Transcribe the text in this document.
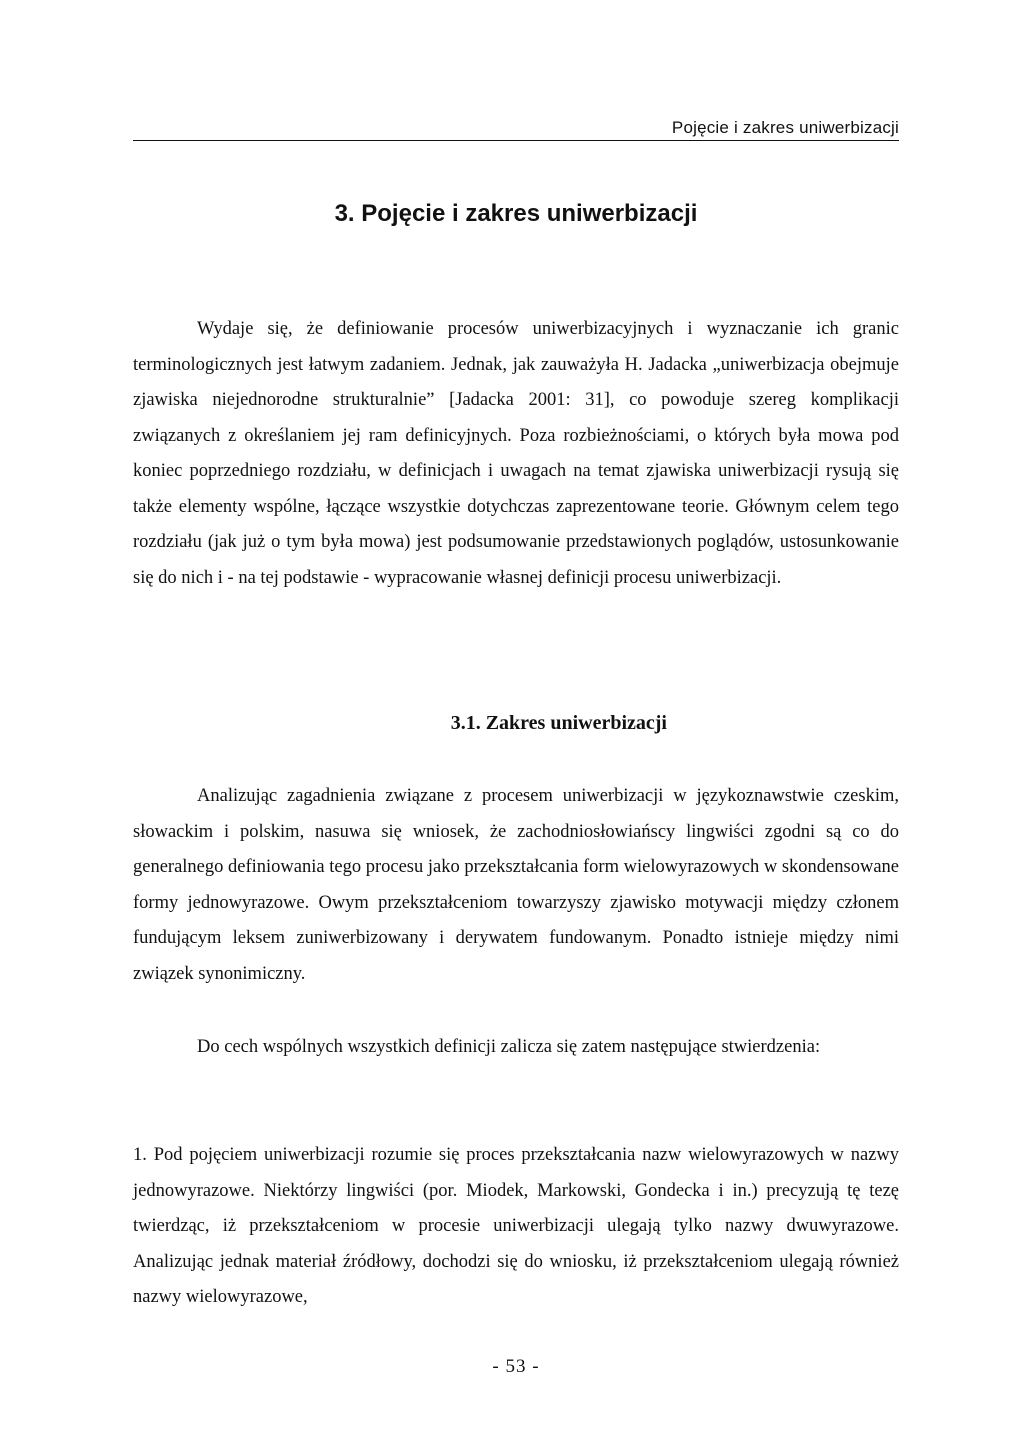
Pojęcie i zakres uniwerbizacji
3. Pojęcie i zakres uniwerbizacji

Wydaje się, że definiowanie procesów uniwerbizacyjnych i wyznaczanie ich granic terminologicznych jest łatwym zadaniem. Jednak, jak zauważyła H. Jadacka „uniwerbizacja obejmuje zjawiska niejednorodne strukturalnie” [Jadacka 2001: 31], co powoduje szereg komplikacji związanych z określaniem jej ram definicyjnych. Poza rozbieżnościami, o których była mowa pod koniec poprzedniego rozdziału, w definicjach i uwagach na temat zjawiska uniwerbizacji rysują się także elementy wspólne, łączące wszystkie dotychczas zaprezentowane teorie. Głównym celem tego rozdziału (jak już o tym była mowa) jest podsumowanie przedstawionych poglądów, ustosunkowanie się do nich i - na tej podstawie - wypracowanie własnej definicji procesu uniwerbizacji.

3.1. Zakres uniwerbizacji

Analizując zagadnienia związane z procesem uniwerbizacji w językoznawstwie czeskim, słowackim i polskim, nasuwa się wniosek, że zachodniosłowiańscy lingwiści zgodni są co do generalnego definiowania tego procesu jako przekształcania form wielowyrazowych w skondensowane formy jednowyrazowe. Owym przekształceniom towarzyszy zjawisko motywacji między członem fundującym leksem zuniwerbizowany i derywatem fundowanym. Ponadto istnieje między nimi związek synonimiczny.

Do cech wspólnych wszystkich definicji zalicza się zatem następujące stwierdzenia:

1. Pod pojęciem uniwerbizacji rozumie się proces przekształcania nazw wielowyrazowych w nazwy jednowyrazowe. Niektórzy lingwiści (por. Miodek, Markowski, Gondecka i in.) precyzują tę tezę twierdząc, iż przekształceniom w procesie uniwerbizacji ulegają tylko nazwy dwuwyrazowe. Analizując jednak materiał źródłowy, dochodzi się do wniosku, iż przekształceniom ulegają również nazwy wielowyrazowe,

- 53 -
